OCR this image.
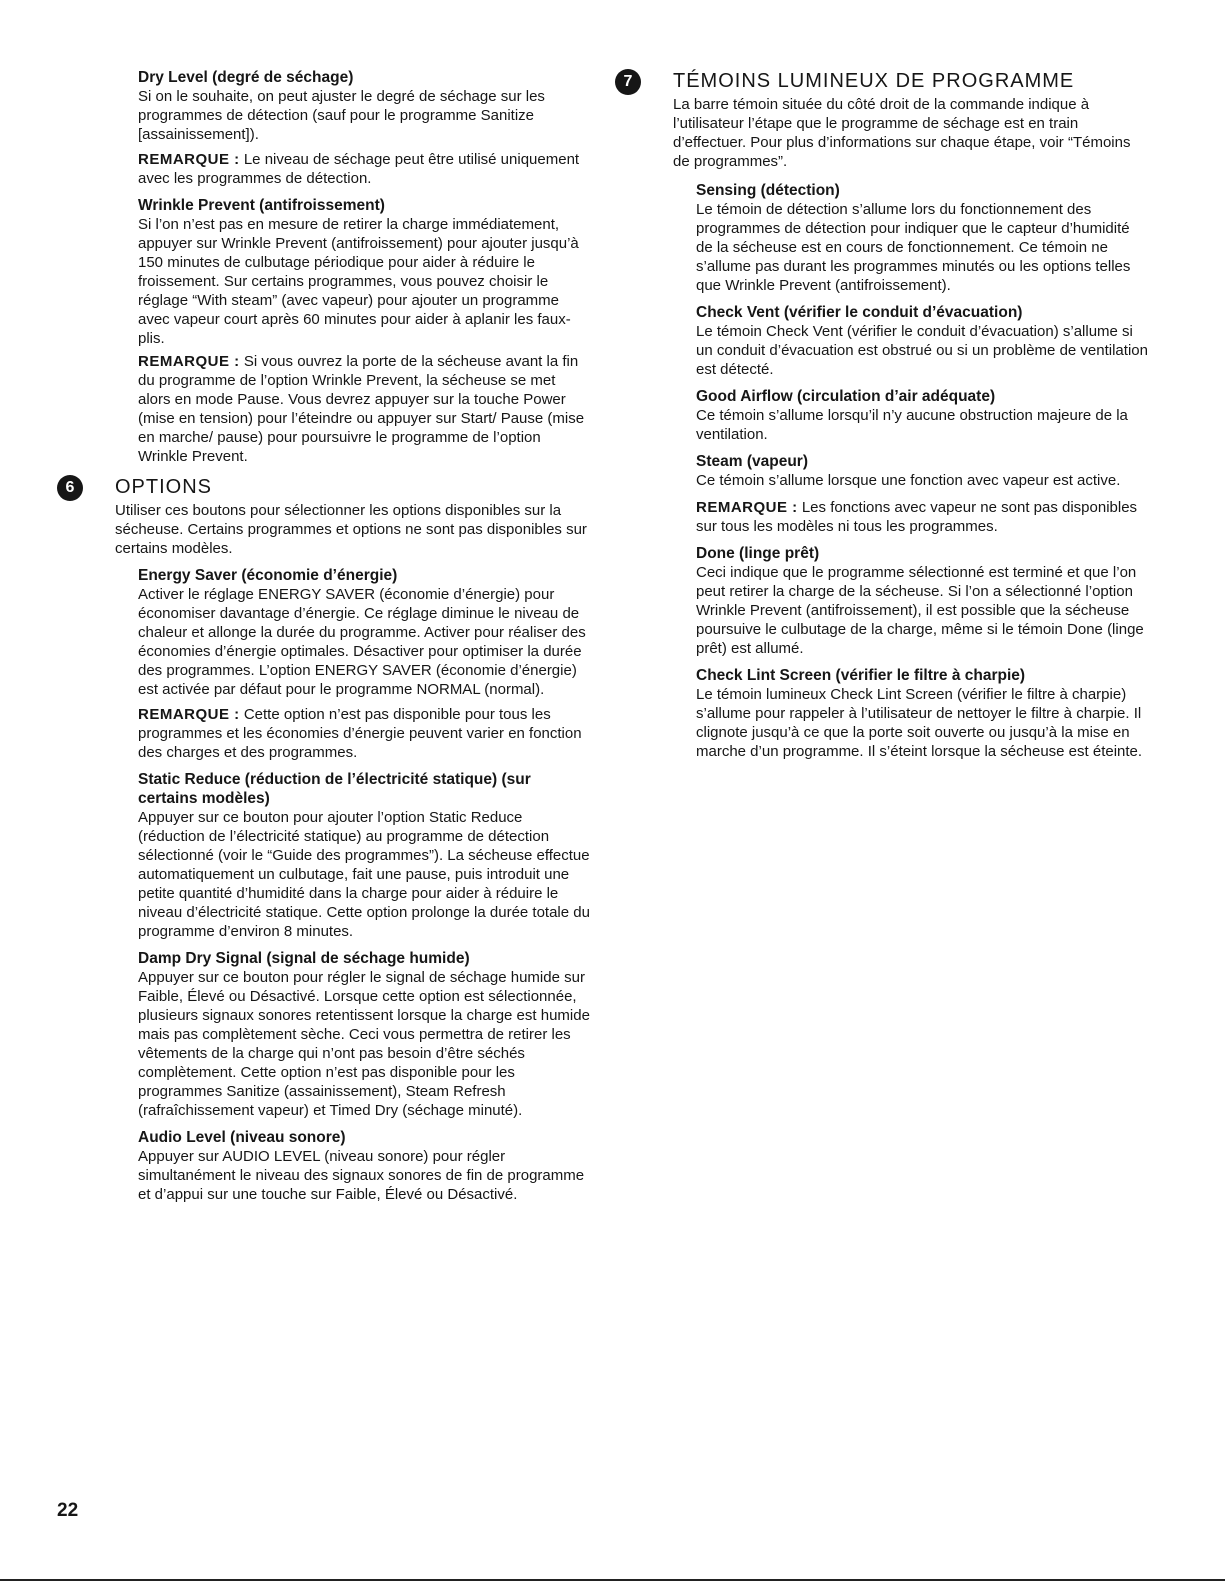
Dry Level (degré de séchage)

Si on le souhaite, on peut ajuster le degré de séchage sur les programmes de détection (sauf pour le programme Sanitize [assainissement]).

REMARQUE : Le niveau de séchage peut être utilisé uniquement avec les programmes de détection.

Wrinkle Prevent (antifroissement)

Si l’on n’est pas en mesure de retirer la charge immédiatement, appuyer sur Wrinkle Prevent (antifroissement) pour ajouter jusqu’à 150 minutes de culbutage périodique pour aider à réduire le froissement. Sur certains programmes, vous pouvez choisir le réglage “With steam” (avec vapeur) pour ajouter un programme avec vapeur court après 60 minutes pour aider à aplanir les faux-plis.

REMARQUE : Si vous ouvrez la porte de la sécheuse avant la fin du programme de l’option Wrinkle Prevent, la sécheuse se met alors en mode Pause. Vous devrez appuyer sur la touche Power (mise en tension) pour l’éteindre ou appuyer sur Start/ Pause (mise en marche/ pause) pour poursuivre le programme de l’option Wrinkle Prevent.

6	OPTIONS

Utiliser ces boutons pour sélectionner les options disponibles sur la sécheuse. Certains programmes et options ne sont pas disponibles sur certains modèles.

Energy Saver (économie d’énergie)

Activer le réglage ENERGY SAVER (économie d’énergie) pour économiser davantage d’énergie. Ce réglage diminue le niveau de chaleur et allonge la durée du programme. Activer pour réaliser des économies d’énergie optimales. Désactiver pour optimiser la durée des programmes. L’option ENERGY SAVER (économie d’énergie) est activée par défaut pour le programme NORMAL (normal).

REMARQUE : Cette option n’est pas disponible pour tous les programmes et les économies d’énergie peuvent varier en fonction des charges et des programmes.

Static Reduce (réduction de l’électricité statique) (sur certains modèles)

Appuyer sur ce bouton pour ajouter l’option Static Reduce (réduction de l’électricité statique) au programme de détection sélectionné (voir le “Guide des programmes”). La sécheuse effectue automatiquement un culbutage, fait une pause, puis introduit une petite quantité d’humidité dans la charge pour aider à réduire le niveau d’électricité statique. Cette option prolonge la durée totale du programme d’environ 8 minutes.

Damp Dry Signal (signal de séchage humide)

Appuyer sur ce bouton pour régler le signal de séchage humide sur Faible, Élevé ou Désactivé. Lorsque cette option est sélectionnée, plusieurs signaux sonores retentissent lorsque la charge est humide mais pas complètement sèche. Ceci vous permettra de retirer les vêtements de la charge qui n’ont pas besoin d’être séchés complètement. Cette option n’est pas disponible pour les programmes Sanitize (assainissement), Steam Refresh (rafraîchissement vapeur) et Timed Dry (séchage minuté).

Audio Level (niveau sonore)

Appuyer sur AUDIO LEVEL (niveau sonore) pour régler simultanément le niveau des signaux sonores de fin de programme et d’appui sur une touche sur Faible, Élevé ou Désactivé.

7	TÉMOINS LUMINEUX DE PROGRAMME

La barre témoin située du côté droit de la commande indique à l’utilisateur l’étape que le programme de séchage est en train d’effectuer. Pour plus d’informations sur chaque étape, voir “Témoins de programmes”.

Sensing (détection)

Le témoin de détection s’allume lors du fonctionnement des programmes de détection pour indiquer que le capteur d’humidité de la sécheuse est en cours de fonctionnement. Ce témoin ne s’allume pas durant les programmes minutés ou les options telles que Wrinkle Prevent (antifroissement).

Check Vent (vérifier le conduit d’évacuation)

Le témoin Check Vent (vérifier le conduit d’évacuation) s’allume si un conduit d’évacuation est obstrué ou si un problème de ventilation est détecté.

Good Airflow (circulation d’air adéquate)

Ce témoin s’allume lorsqu’il n’y aucune obstruction majeure de la ventilation.

Steam (vapeur)

Ce témoin s’allume lorsque une fonction avec vapeur est active.

REMARQUE : Les fonctions avec vapeur ne sont pas disponibles sur tous les modèles ni tous les programmes.

Done (linge prêt)

Ceci indique que le programme sélectionné est terminé et que l’on peut retirer la charge de la sécheuse. Si l’on a sélectionné l’option Wrinkle Prevent (antifroissement), il est possible que la sécheuse poursuive le culbutage de la charge, même si le témoin Done (linge prêt) est allumé.

Check Lint Screen (vérifier le filtre à charpie)

Le témoin lumineux Check Lint Screen (vérifier le filtre à charpie) s’allume pour rappeler à l’utilisateur de nettoyer le filtre à charpie. Il clignote jusqu’à ce que la porte soit ouverte ou jusqu’à la mise en marche d’un programme. Il s’éteint lorsque la sécheuse est éteinte.

22
